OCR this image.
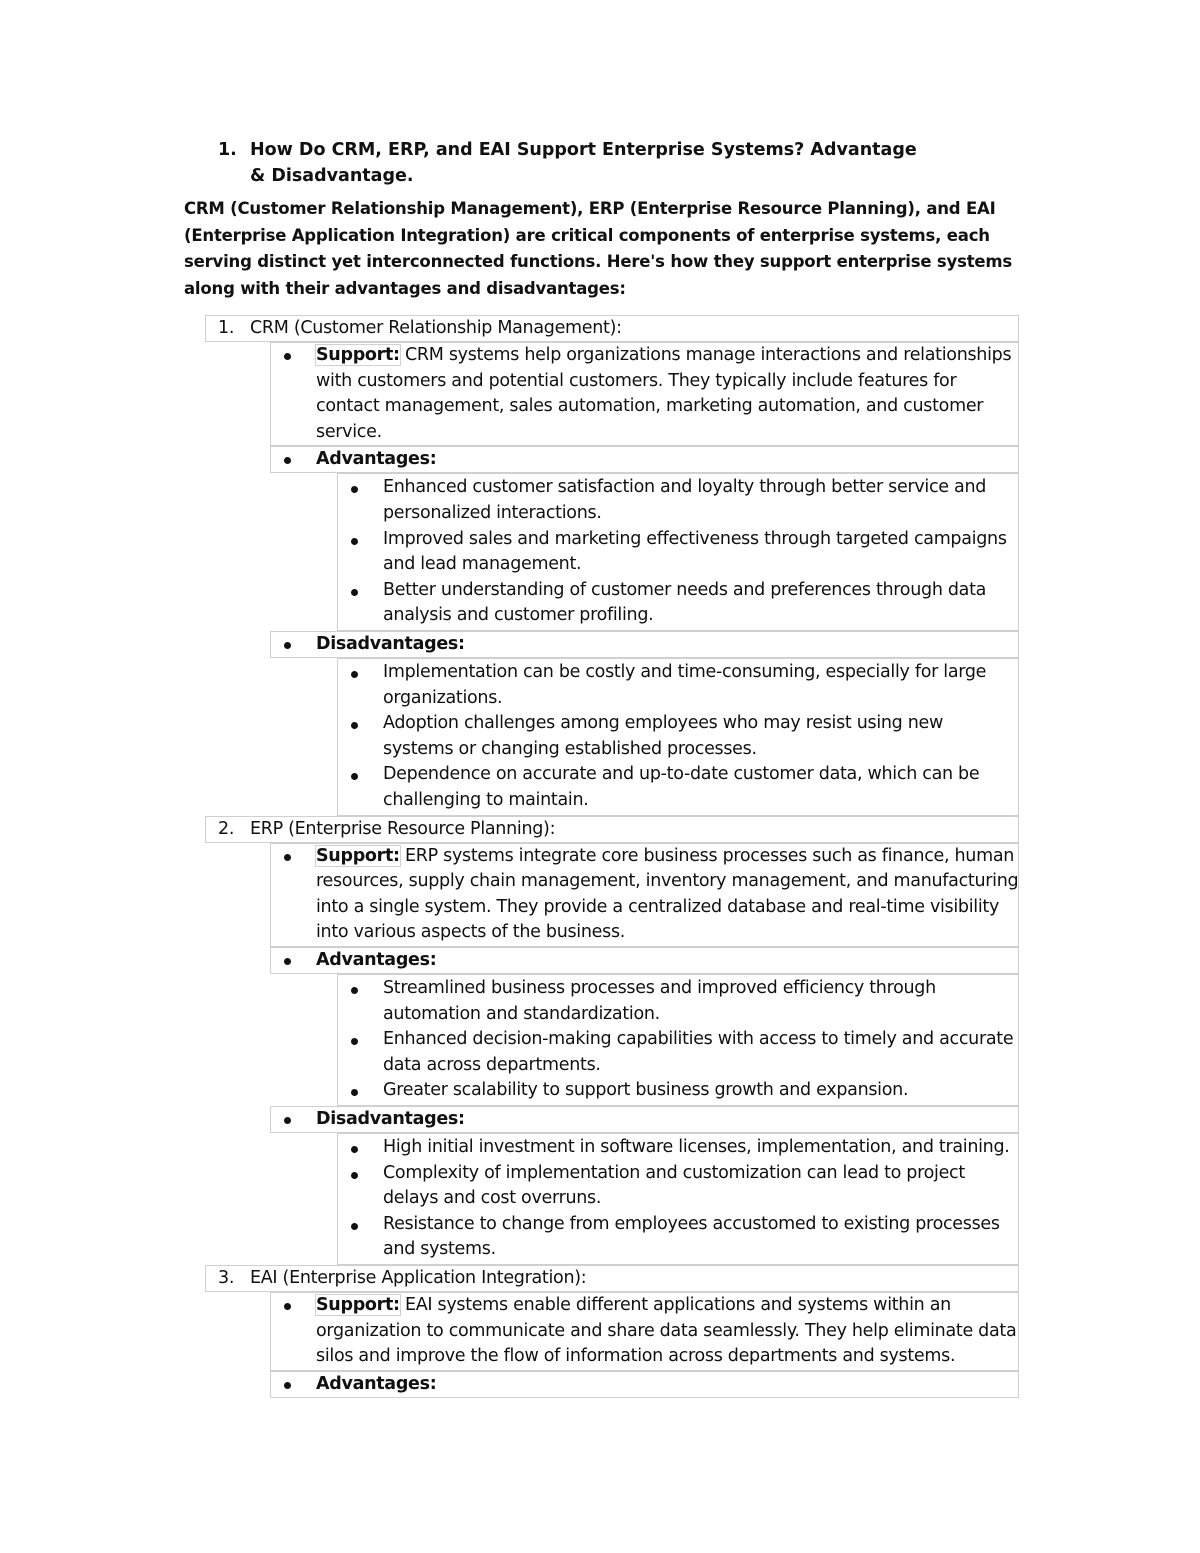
1. How Do CRM, ERP, and EAI Support Enterprise Systems? Advantage & Disadvantage.
CRM (Customer Relationship Management), ERP (Enterprise Resource Planning), and EAI (Enterprise Application Integration) are critical components of enterprise systems, each serving distinct yet interconnected functions. Here's how they support enterprise systems along with their advantages and disadvantages:
1. CRM (Customer Relationship Management):
Support: CRM systems help organizations manage interactions and relationships
with customers and potential customers. They typically include features for
contact management, sales automation, marketing automation, and customer
service.
Advantages:
Enhanced customer satisfaction and loyalty through better service and
personalized interactions.
Improved sales and marketing effectiveness through targeted campaigns
and lead management.
Better understanding of customer needs and preferences through data
analysis and customer profiling.
Disadvantages:
Implementation can be costly and time-consuming, especially for large
organizations.
Adoption challenges among employees who may resist using new
systems or changing established processes.
Dependence on accurate and up-to-date customer data, which can be
challenging to maintain.
2. ERP (Enterprise Resource Planning):
Support: ERP systems integrate core business processes such as finance, human
resources, supply chain management, inventory management, and manufacturing
into a single system. They provide a centralized database and real-time visibility
into various aspects of the business.
Advantages:
Streamlined business processes and improved efficiency through
automation and standardization.
Enhanced decision-making capabilities with access to timely and accurate
data across departments.
Greater scalability to support business growth and expansion.
Disadvantages:
High initial investment in software licenses, implementation, and training.
Complexity of implementation and customization can lead to project
delays and cost overruns.
Resistance to change from employees accustomed to existing processes
and systems.
3. EAI (Enterprise Application Integration):
Support: EAI systems enable different applications and systems within an
organization to communicate and share data seamlessly. They help eliminate data
silos and improve the flow of information across departments and systems.
Advantages:
